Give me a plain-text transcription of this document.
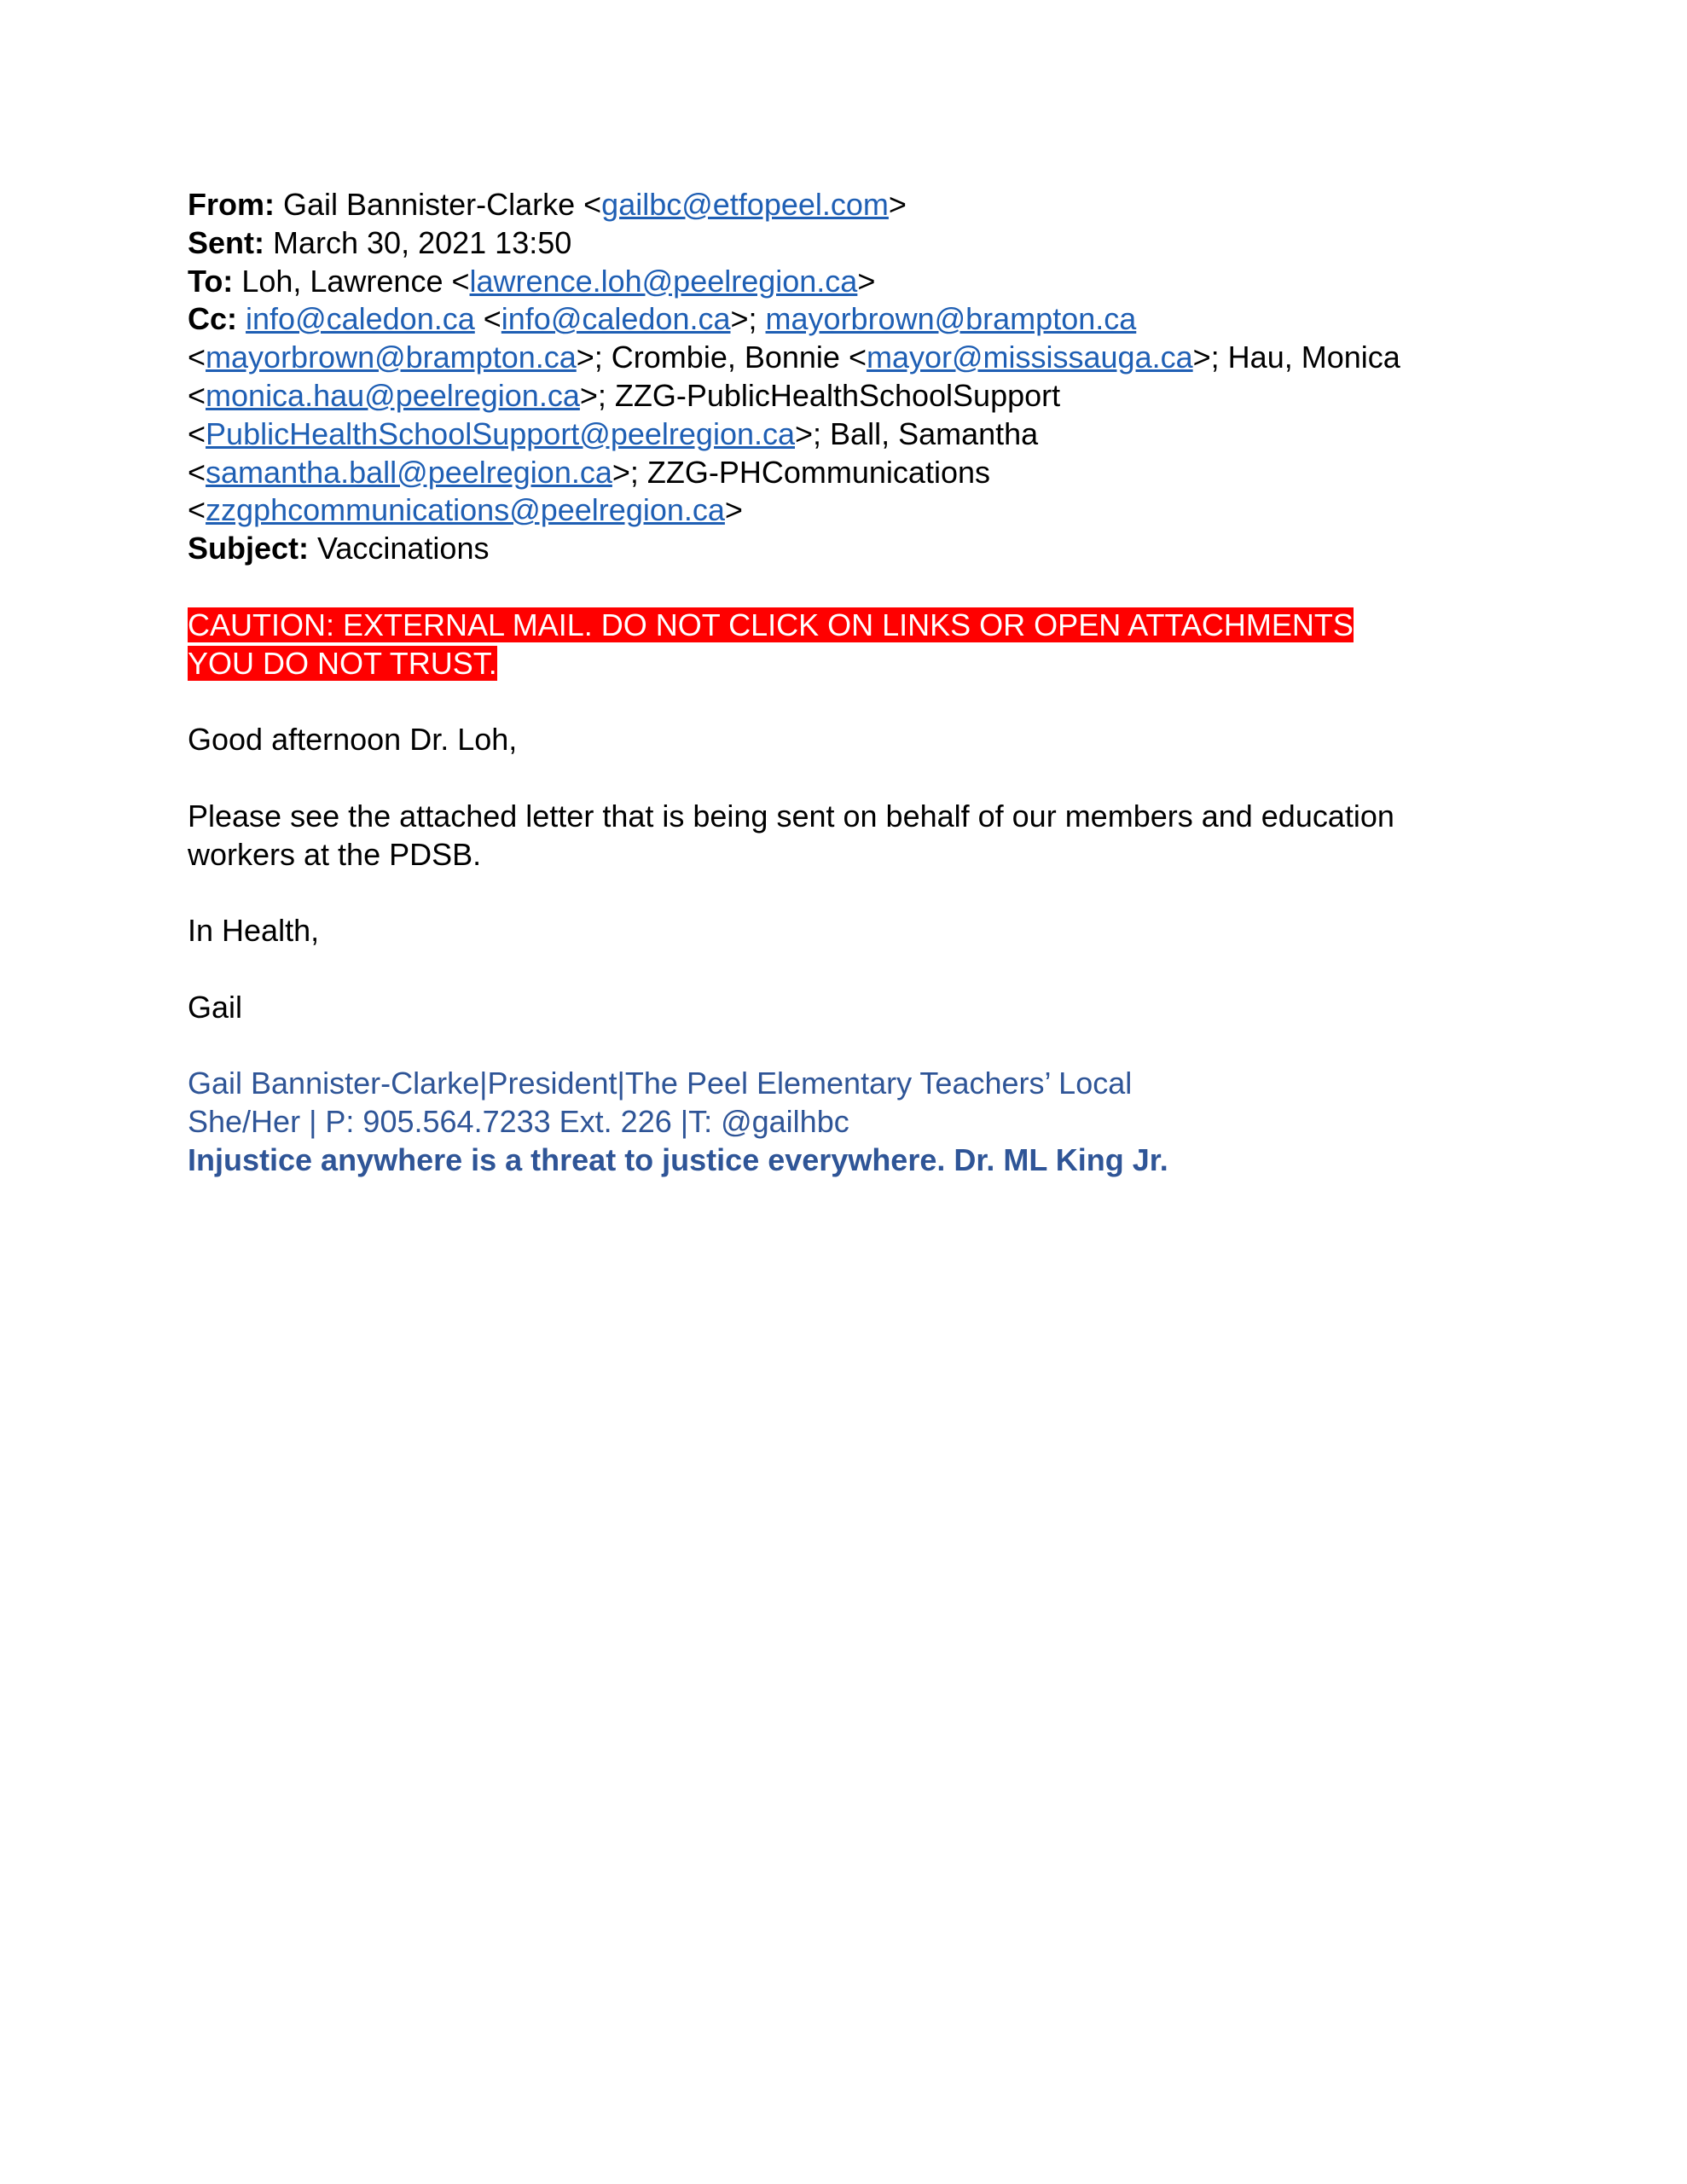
From: Gail Bannister-Clarke <gailbc@etfopeel.com>
Sent: March 30, 2021 13:50
To: Loh, Lawrence <lawrence.loh@peelregion.ca>
Cc: info@caledon.ca <info@caledon.ca>; mayorbrown@brampton.ca
<mayorbrown@brampton.ca>; Crombie, Bonnie <mayor@mississauga.ca>; Hau, Monica
<monica.hau@peelregion.ca>; ZZG-PublicHealthSchoolSupport
<PublicHealthSchoolSupport@peelregion.ca>; Ball, Samantha
<samantha.ball@peelregion.ca>; ZZG-PHCommunications
<zzgphcommunications@peelregion.ca>
Subject: Vaccinations
CAUTION: EXTERNAL MAIL. DO NOT CLICK ON LINKS OR OPEN ATTACHMENTS
YOU DO NOT TRUST.
Good afternoon Dr. Loh,
Please see the attached letter that is being sent on behalf of our members and education
workers at the PDSB.
In Health,
Gail
Gail Bannister-Clarke|President|The Peel Elementary Teachers’ Local
She/Her | P: 905.564.7233 Ext. 226 |T: @gailhbc
Injustice anywhere is a threat to justice everywhere. Dr. ML King Jr.
